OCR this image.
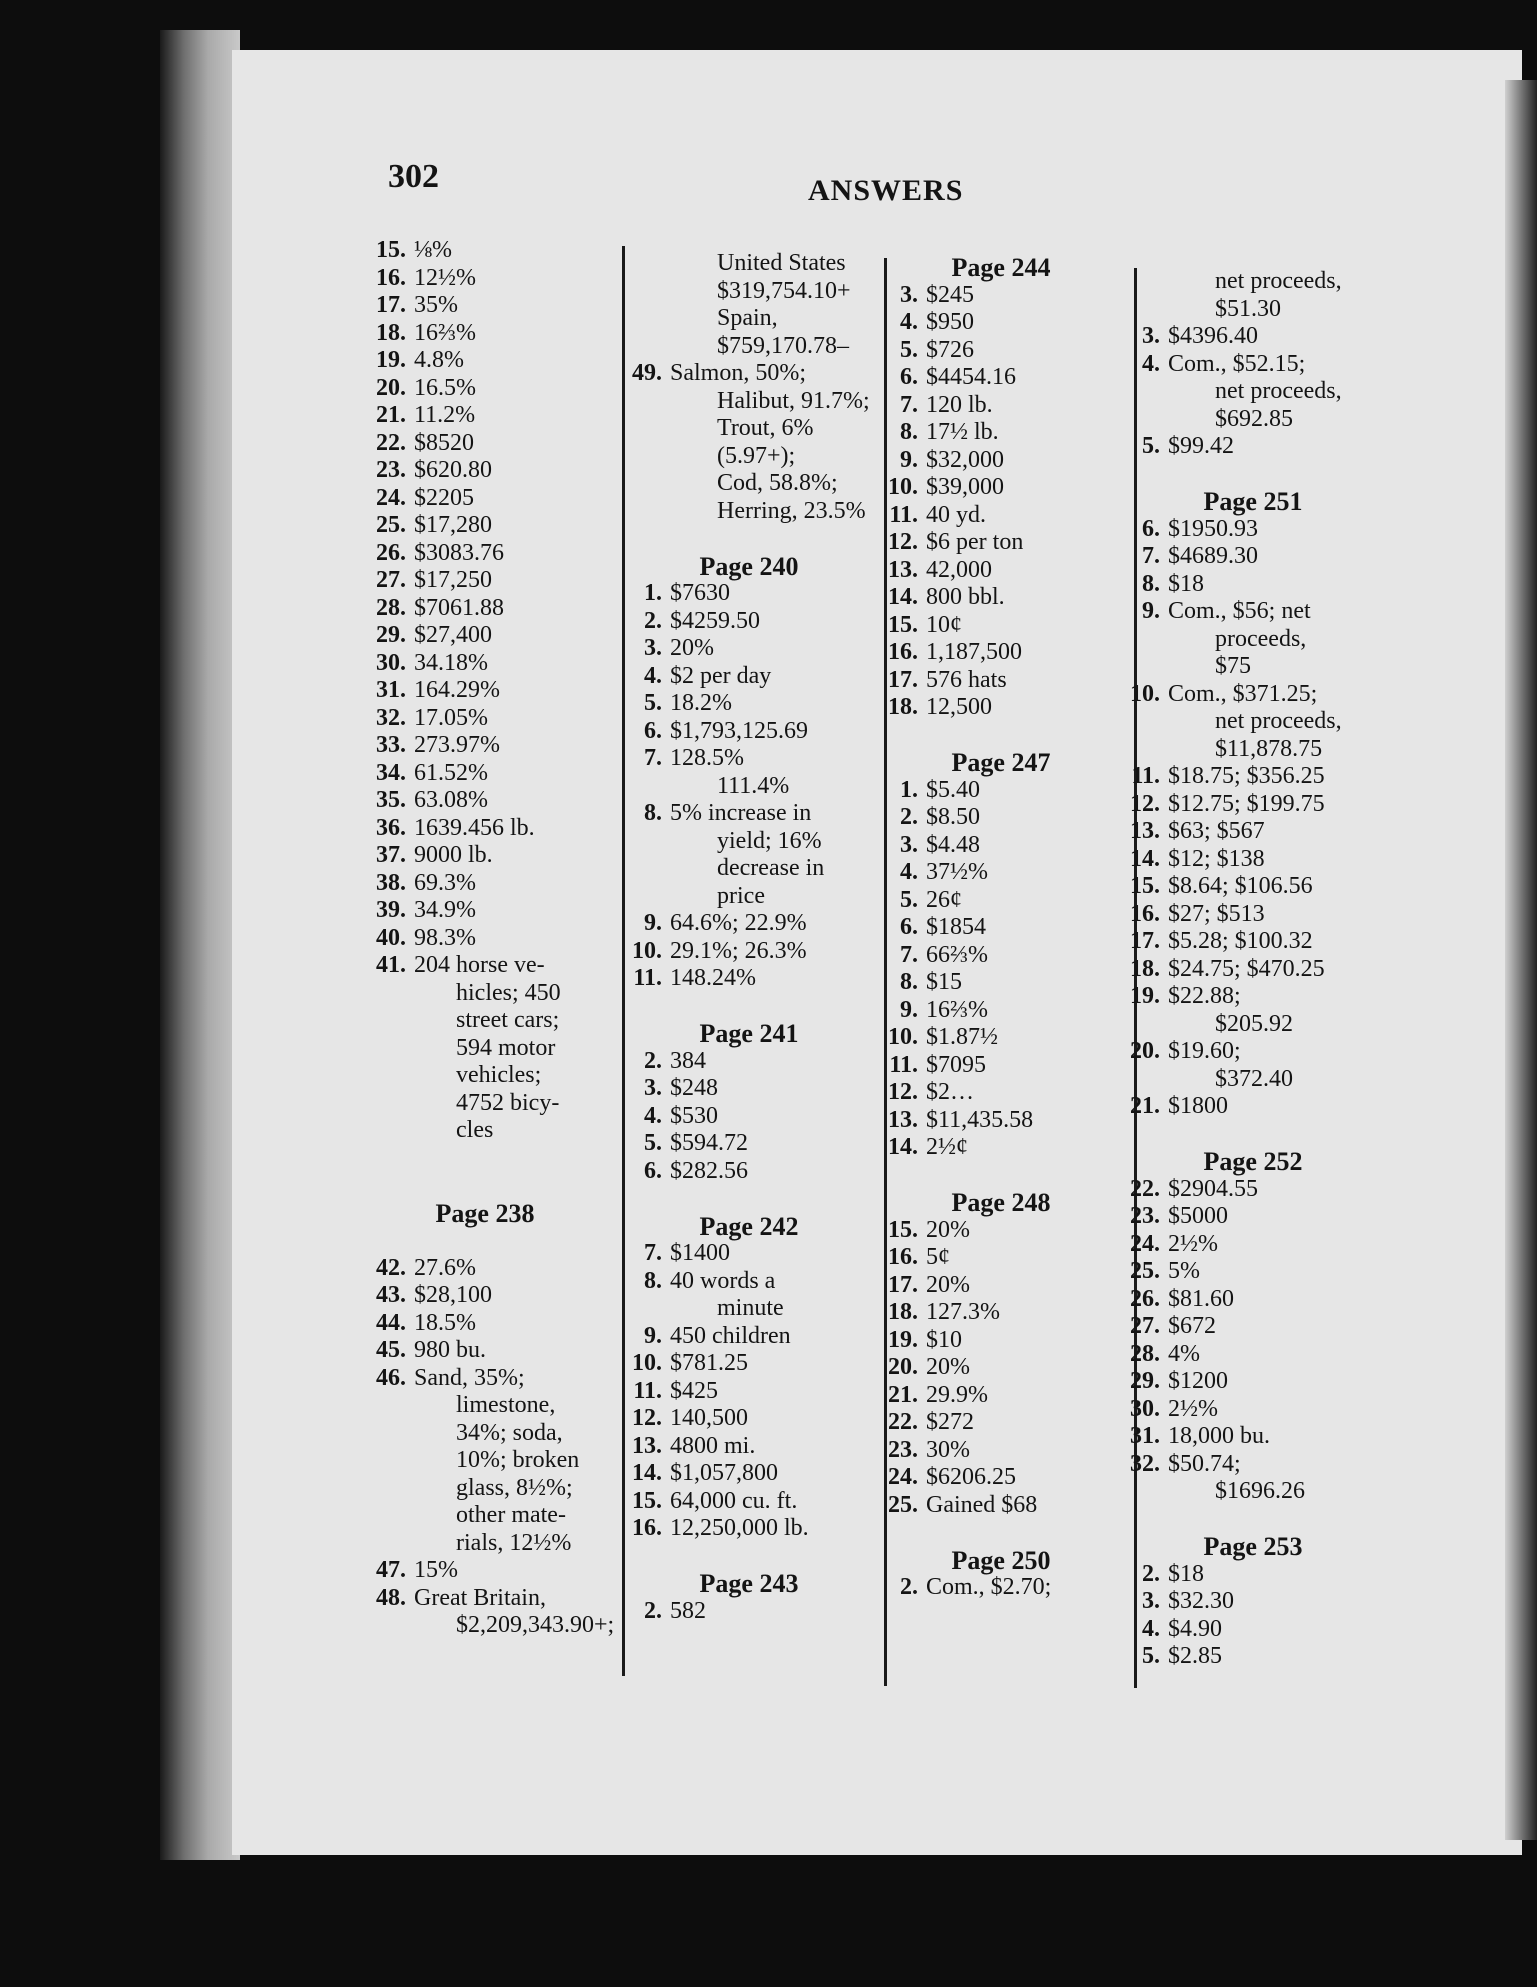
302	ANSWERS
15. ⅛%
16. 12½%
17. 35%
18. 16⅔%
19. 4.8%
20. 16.5%
21. 11.2%
22. $8520
23. $620.80
24. $2205
25. $17,280
26. $3083.76
27. $17,250
28. $7061.88
29. $27,400
30. 34.18%
31. 164.29%
32. 17.05%
33. 273.97%
34. 61.52%
35. 63.08%
36. 1639.456 lb.
37. 9000 lb.
38. 69.3%
39. 34.9%
40. 98.3%
41. 204 horse ve-
hicles; 450
street cars;
594 motor
vehicles;
4752 bicy-
cles
Page 238
42. 27.6%
43. $28,100
44. 18.5%
45. 980 bu.
46. Sand, 35%;
limestone,
34%; soda,
10%; broken
glass, 8½%;
other mate-
rials, 12½%
47. 15%
48. Great Britain,
$2,209,343.90+;
United States
$319,754.10+
Spain,
$759,170.78–
49. Salmon, 50%;
Halibut, 91.7%;
Trout, 6%
(5.97+);
Cod, 58.8%;
Herring, 23.5%
Page 240
1. $7630
2. $4259.50
3. 20%
4. $2 per day
5. 18.2%
6. $1,793,125.69
7. 128.5%
111.4%
8. 5% increase in
yield; 16%
decrease in
price
9. 64.6%; 22.9%
10. 29.1%; 26.3%
11. 148.24%
Page 241
2. 384
3. $248
4. $530
5. $594.72
6. $282.56
Page 242
7. $1400
8. 40 words a
minute
9. 450 children
10. $781.25
11. $425
12. 140,500
13. 4800 mi.
14. $1,057,800
15. 64,000 cu. ft.
16. 12,250,000 lb.
Page 243
2. 582
Page 244
3. $245
4. $950
5. $726
6. $4454.16
7. 120 lb.
8. 17½ lb.
9. $32,000
10. $39,000
11. 40 yd.
12. $6 per ton
13. 42,000
14. 800 bbl.
15. 10¢
16. 1,187,500
17. 576 hats
18. 12,500
Page 247
1. $5.40
2. $8.50
3. $4.48
4. 37½%
5. 26¢
6. $1854
7. 66⅔%
8. $15
9. 16⅔%
10. $1.87½
11. $7095
12. $2…
13. $11,435.58
14. 2½¢
Page 248
15. 20%
16. 5¢
17. 20%
18. 127.3%
19. $10
20. 20%
21. 29.9%
22. $272
23. 30%
24. $6206.25
25. Gained $68
Page 250
2. Com., $2.70;
net proceeds,
$51.30
3. $4396.40
4. Com., $52.15;
net proceeds,
$692.85
5. $99.42
Page 251
6. $1950.93
7. $4689.30
8. $18
9. Com., $56; net
proceeds,
$75
10. Com., $371.25;
net proceeds,
$11,878.75
11. $18.75; $356.25
12. $12.75; $199.75
13. $63; $567
14. $12; $138
15. $8.64; $106.56
16. $27; $513
17. $5.28; $100.32
18. $24.75; $470.25
19. $22.88;
$205.92
20. $19.60;
$372.40
21. $1800
Page 252
22. $2904.55
23. $5000
24. 2½%
25. 5%
26. $81.60
27. $672
28. 4%
29. $1200
30. 2½%
31. 18,000 bu.
32. $50.74;
$1696.26
Page 253
2. $18
3. $32.30
4. $4.90
5. $2.85
